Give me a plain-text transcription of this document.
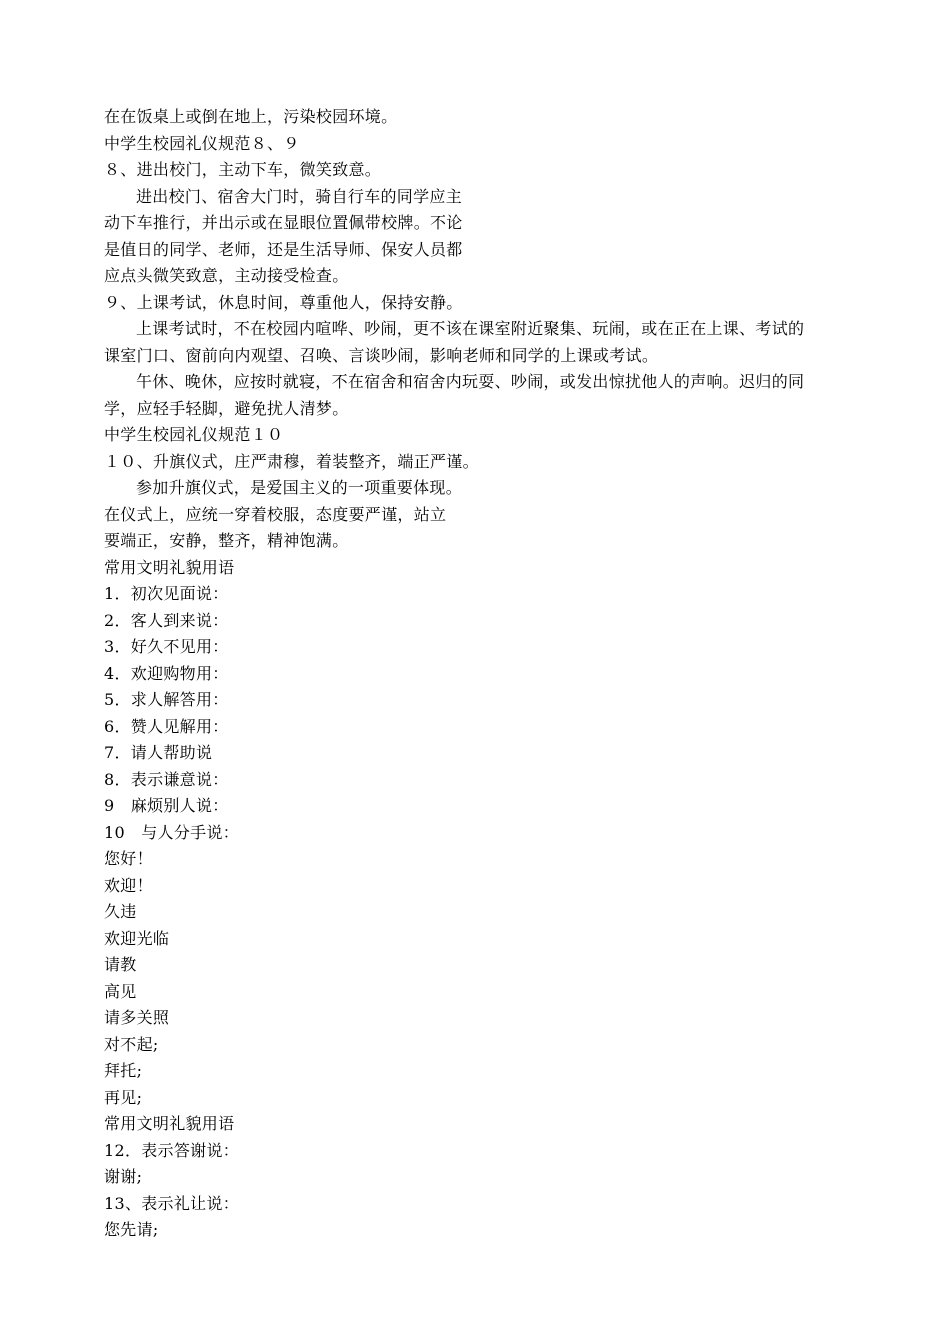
在在饭桌上或倒在地上，污染校园环境。
中学生校园礼仪规范８、９
８、进出校门，主动下车，微笑致意。
进出校门、宿舍大门时，骑自行车的同学应主
动下车推行，并出示或在显眼位置佩带校牌。不论
是值日的同学、老师，还是生活导师、保安人员都
应点头微笑致意，主动接受检查。
９、上课考试，休息时间，尊重他人，保持安静。
上课考试时，不在校园内喧哗、吵闹，更不该在课室附近聚集、玩闹，或在正在上课、考试的
课室门口、窗前向内观望、召唤、言谈吵闹，影响老师和同学的上课或考试。
午休、晚休，应按时就寝，不在宿舍和宿舍内玩耍、吵闹，或发出惊扰他人的声响。迟归的同
学，应轻手轻脚，避免扰人清梦。
中学生校园礼仪规范１０
１０、升旗仪式，庄严肃穆，着装整齐，端正严谨。
参加升旗仪式，是爱国主义的一项重要体现。
在仪式上，应统一穿着校服，态度要严谨，站立
要端正，安静，整齐，精神饱满。
常用文明礼貌用语
1．初次见面说：
2．客人到来说：
3．好久不见用：
4．欢迎购物用：
5．求人解答用：
6．赞人见解用：
7．请人帮助说
8．表示谦意说：
9　麻烦别人说：
10　与人分手说：
您好！
欢迎！
久违
欢迎光临
请教
高见
请多关照
对不起;
拜托;
再见;
常用文明礼貌用语
12．表示答谢说：
谢谢;
13、表示礼让说：
您先请;
